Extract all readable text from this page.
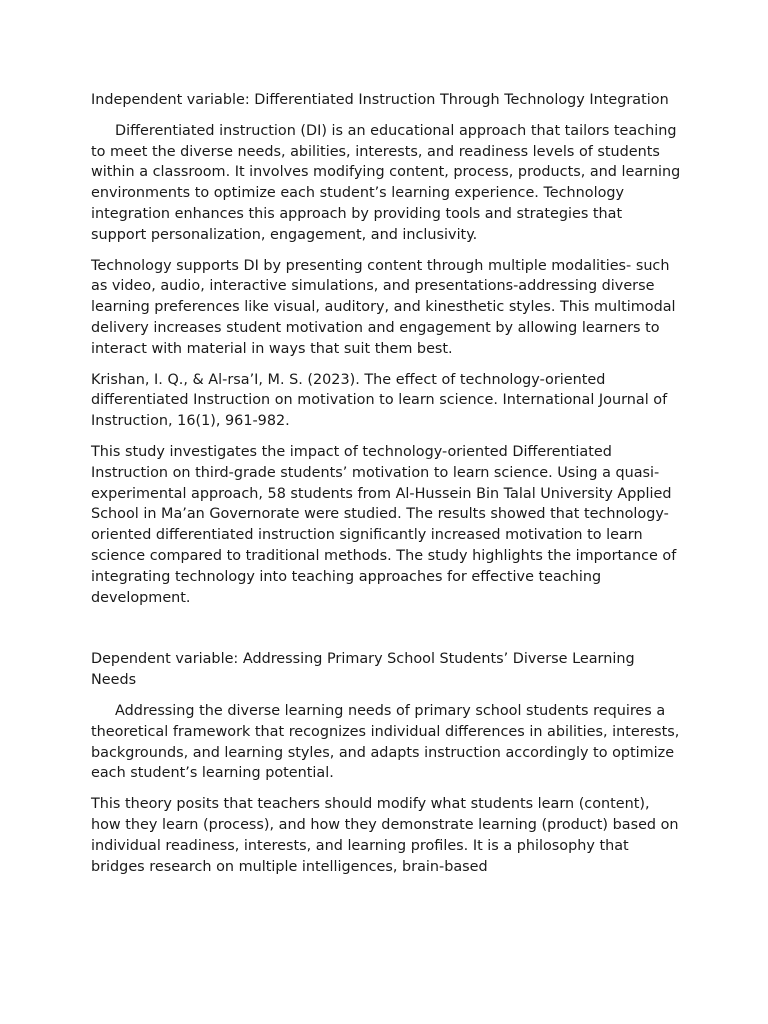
Independent variable: Differentiated Instruction Through Technology Integration

Differentiated instruction (DI) is an educational approach that tailors teaching to meet the diverse needs, abilities, interests, and readiness levels of students within a classroom. It involves modifying content, process, products, and learning environments to optimize each student’s learning experience. Technology integration enhances this approach by providing tools and strategies that support personalization, engagement, and inclusivity.

Technology supports DI by presenting content through multiple modalities- such as video, audio, interactive simulations, and presentations-addressing diverse learning preferences like visual, auditory, and kinesthetic styles. This multimodal delivery increases student motivation and engagement by allowing learners to interact with material in ways that suit them best.

Krishan, I. Q., & Al-rsa’I, M. S. (2023). The effect of technology-oriented differentiated Instruction on motivation to learn science. International Journal of Instruction, 16(1), 961-982.

This study investigates the impact of technology-oriented Differentiated Instruction on third-grade students’ motivation to learn science. Using a quasi-experimental approach, 58 students from Al-Hussein Bin Talal University Applied School in Ma’an Governorate were studied. The results showed that technology-oriented differentiated instruction significantly increased motivation to learn science compared to traditional methods. The study highlights the importance of integrating technology into teaching approaches for effective teaching development.

Dependent variable: Addressing Primary School Students’ Diverse Learning Needs

Addressing the diverse learning needs of primary school students requires a theoretical framework that recognizes individual differences in abilities, interests, backgrounds, and learning styles, and adapts instruction accordingly to optimize each student’s learning potential.

This theory posits that teachers should modify what students learn (content), how they learn (process), and how they demonstrate learning (product) based on individual readiness, interests, and learning profiles. It is a philosophy that bridges research on multiple intelligences, brain-based
